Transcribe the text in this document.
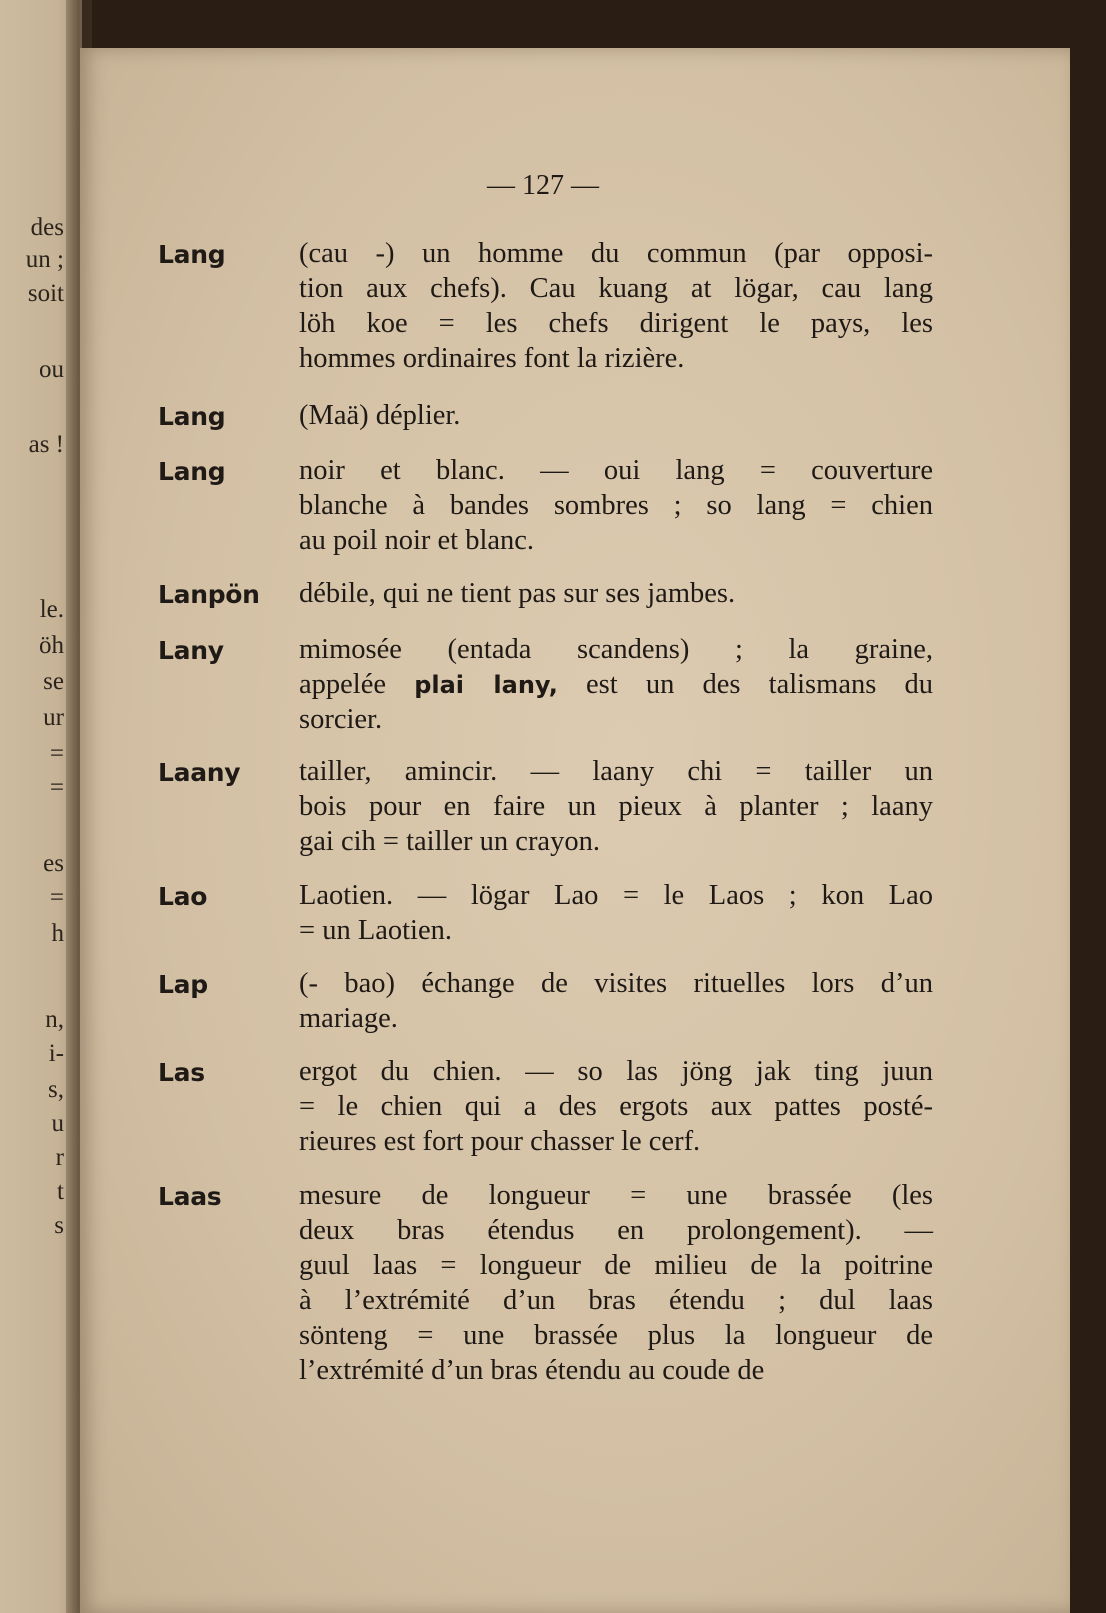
des
un ;
soit
ou
as !
le.
öh
se
ur
=
=
es
=
h
n,
i-
s,
u
r
t
s
— 127 —
Lang	(cau -) un homme du commun (par opposi-
tion aux chefs). Cau kuang at lögar, cau lang
löh koe = les chefs dirigent le pays, les
hommes ordinaires font la rizière.
Lang	(Maä) déplier.
Lang	noir et blanc. — oui lang = couverture
blanche à bandes sombres ; so lang = chien
au poil noir et blanc.
Lanpön débile, qui ne tient pas sur ses jambes.
Lany	mimosée (entada scandens) ; la graine,
appelée plai lany, est un des talismans du
sorcier.
Laany tailler, amincir. — laany chi = tailler un
bois pour en faire un pieux à planter ; laany
gai cih = tailler un crayon.
Lao	Laotien. — lögar Lao = le Laos ; kon Lao
= un Laotien.
Lap	(- bao) échange de visites rituelles lors d’un
mariage.
Las	ergot du chien. — so las jöng jak ting juun
= le chien qui a des ergots aux pattes posté-
rieures est fort pour chasser le cerf.
Laas	mesure de longueur = une brassée (les
deux bras étendus en prolongement). —
guul laas = longueur de milieu de la poitrine
à l’extrémité d’un bras étendu ; dul laas
sönteng = une brassée plus la longueur de
l’extrémité d’un bras étendu au coude de
